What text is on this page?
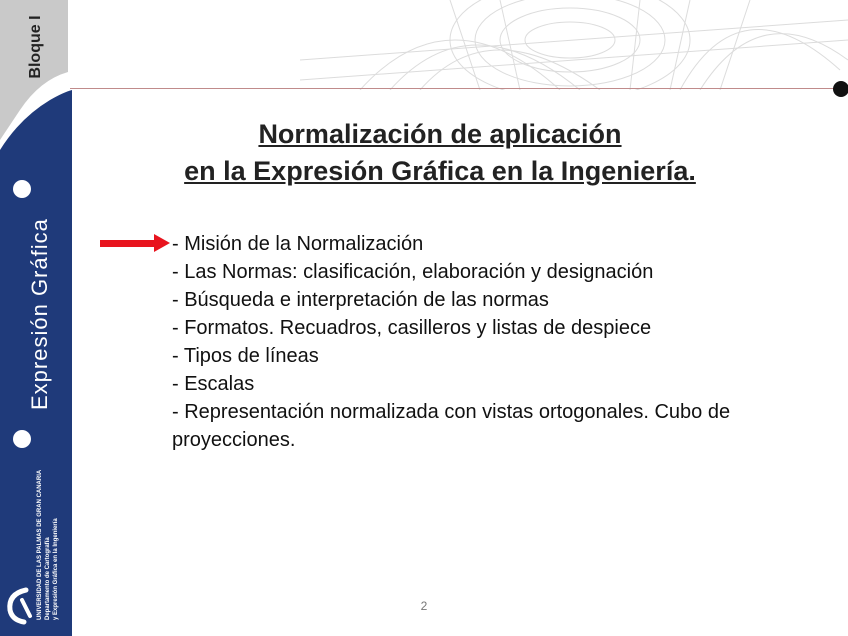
Bloque I
Expresión Gráfica
UNIVERSIDAD DE LAS PALMAS DE GRAN CANARIA Departamento de Cartografía y Expresión Gráfica en la Ingeniería
Normalización de aplicación
en la Expresión Gráfica en la Ingeniería.

- Misión de la Normalización

- Las Normas: clasificación, elaboración y designación

- Búsqueda e interpretación de las normas

- Formatos. Recuadros, casilleros y listas de despiece

- Tipos de líneas

- Escalas

- Representación normalizada con vistas ortogonales. Cubo de proyecciones.

2
